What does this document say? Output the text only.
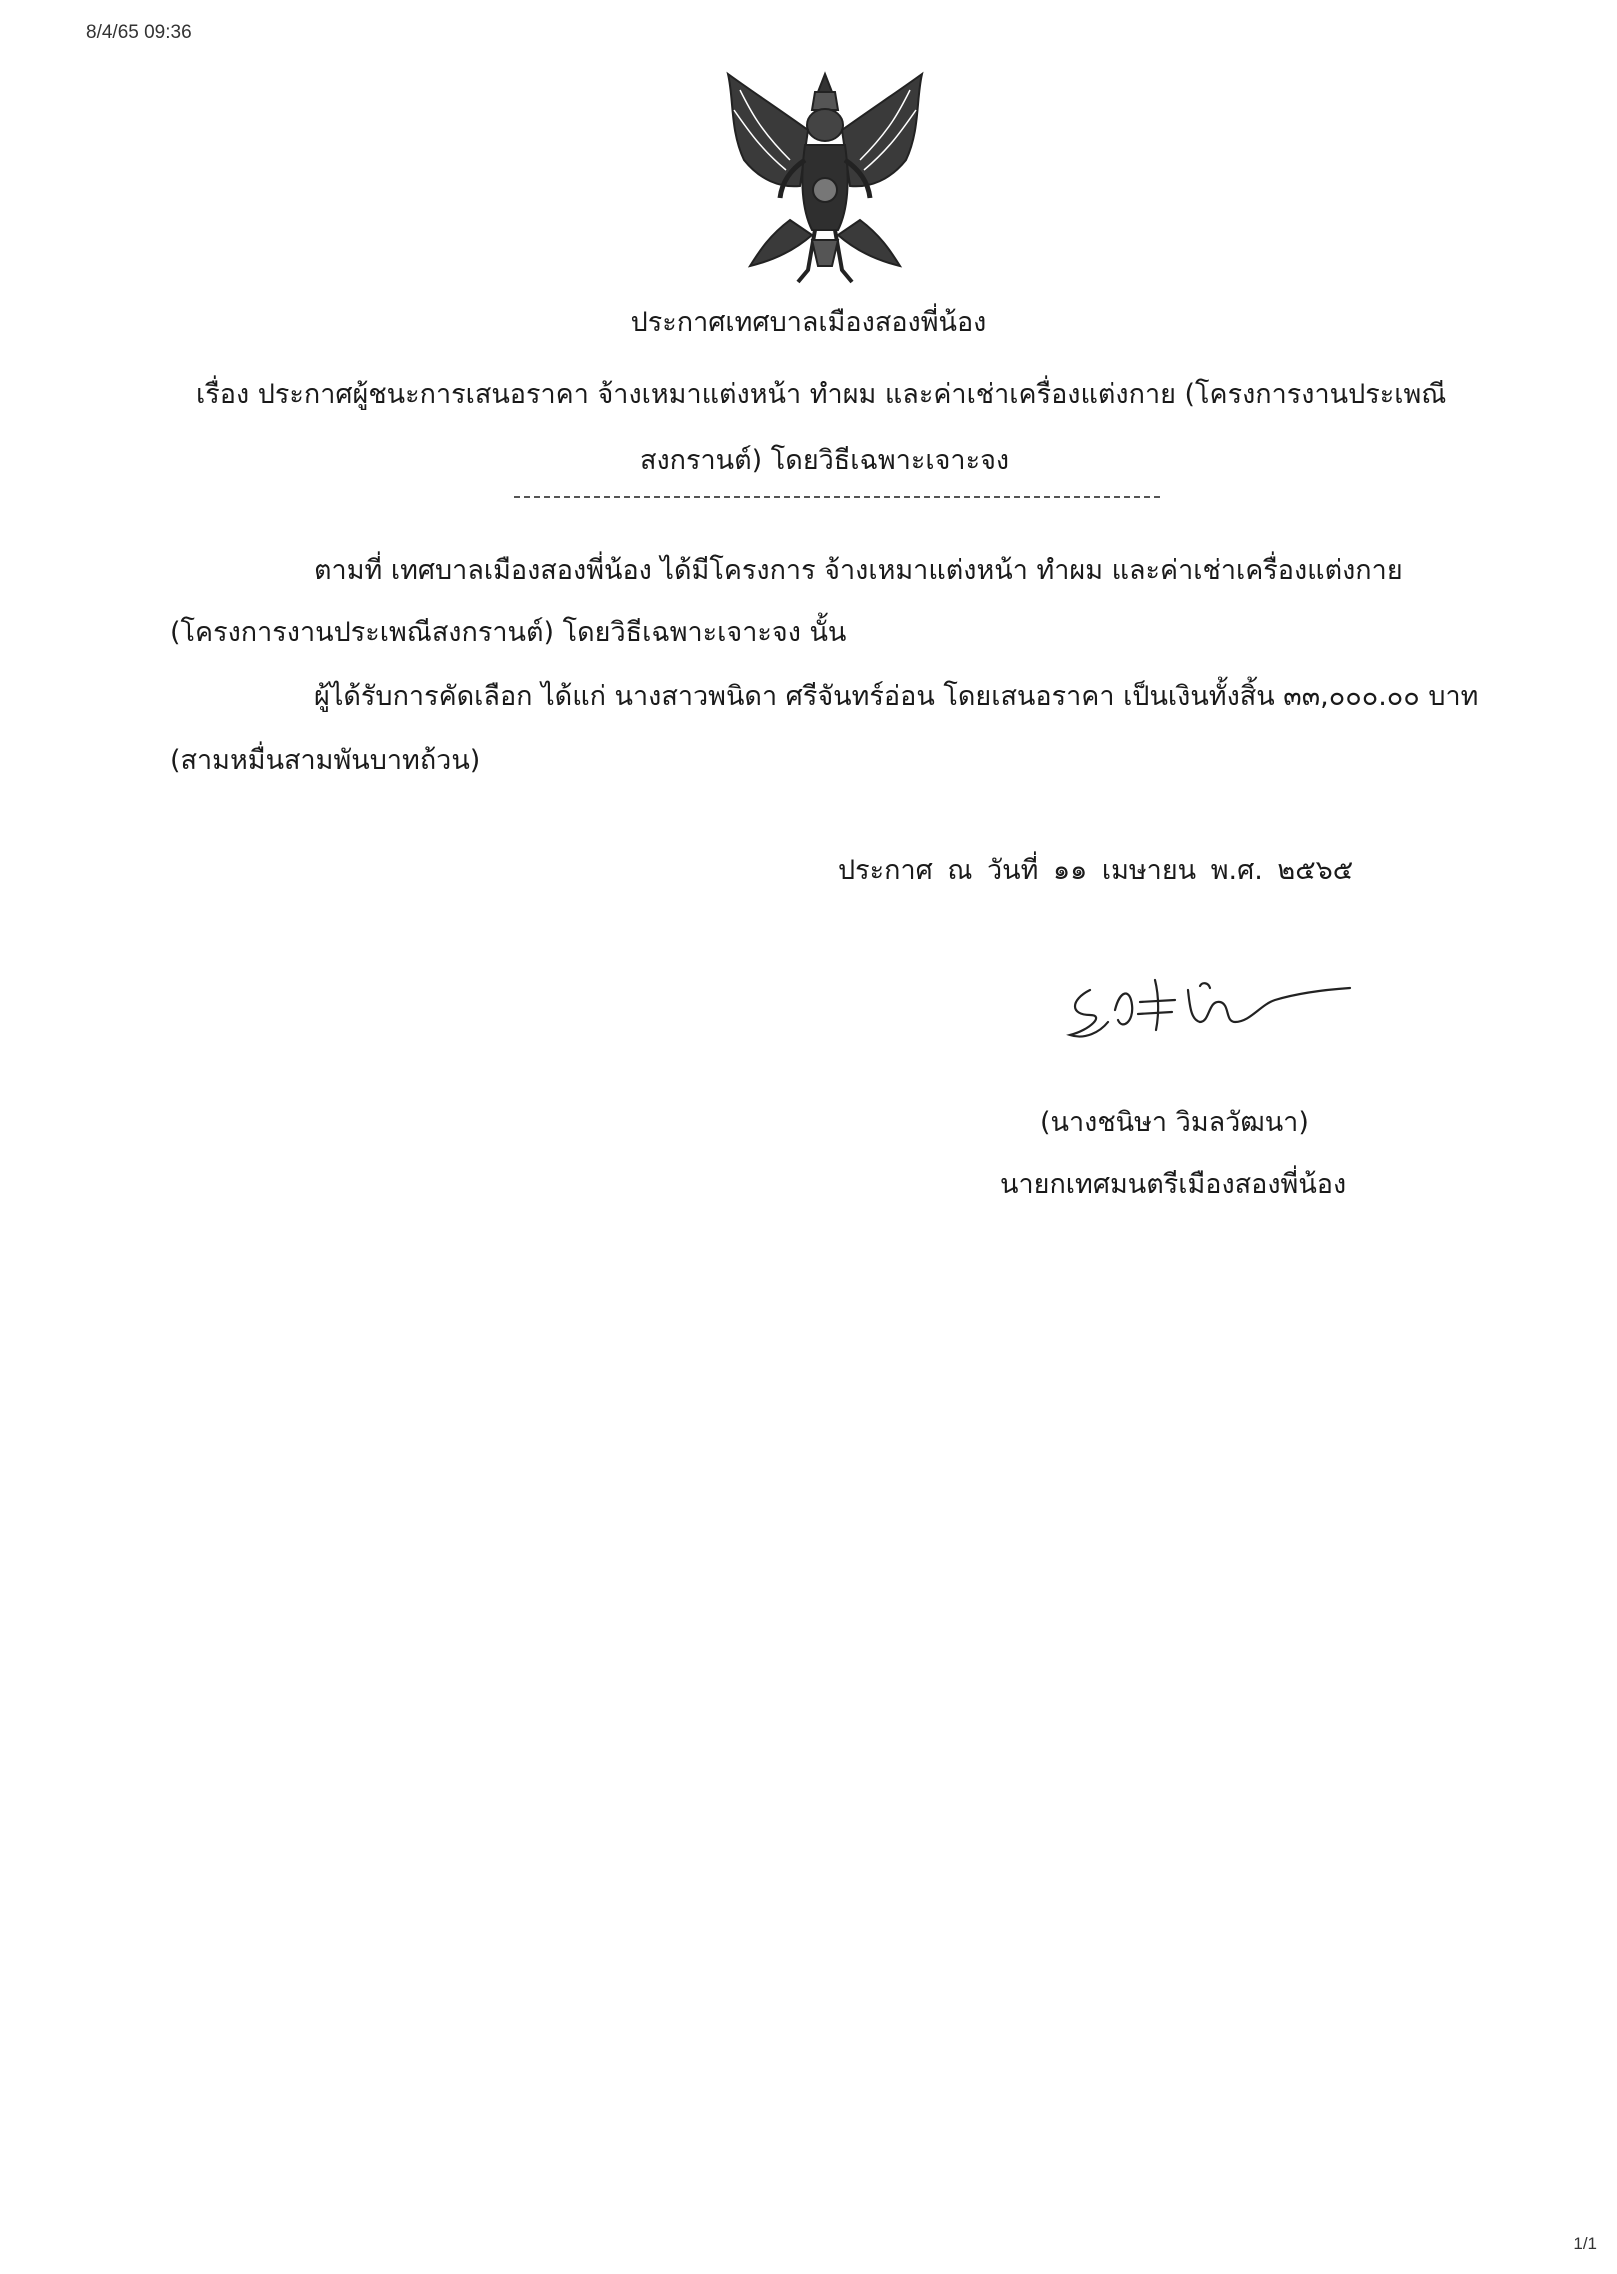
8/4/65 09:36
ประกาศเทศบาลเมืองสองพี่น้อง
เรื่อง ประกาศผู้ชนะการเสนอราคา จ้างเหมาแต่งหน้า ทำผม และค่าเช่าเครื่องแต่งกาย (โครงการงานประเพณี
สงกรานต์) โดยวิธีเฉพาะเจาะจง
ตามที่ เทศบาลเมืองสองพี่น้อง ได้มีโครงการ จ้างเหมาแต่งหน้า ทำผม และค่าเช่าเครื่องแต่งกาย
(โครงการงานประเพณีสงกรานต์) โดยวิธีเฉพาะเจาะจง นั้น
ผู้ได้รับการคัดเลือก ได้แก่ นางสาวพนิดา ศรีจันทร์อ่อน โดยเสนอราคา เป็นเงินทั้งสิ้น ๓๓,๐๐๐.๐๐ บาท
(สามหมื่นสามพันบาทถ้วน)
ประกาศ ณ วันที่ ๑๑ เมษายน พ.ศ. ๒๕๖๕
(นางชนิษา วิมลวัฒนา)
นายกเทศมนตรีเมืองสองพี่น้อง
1/1
